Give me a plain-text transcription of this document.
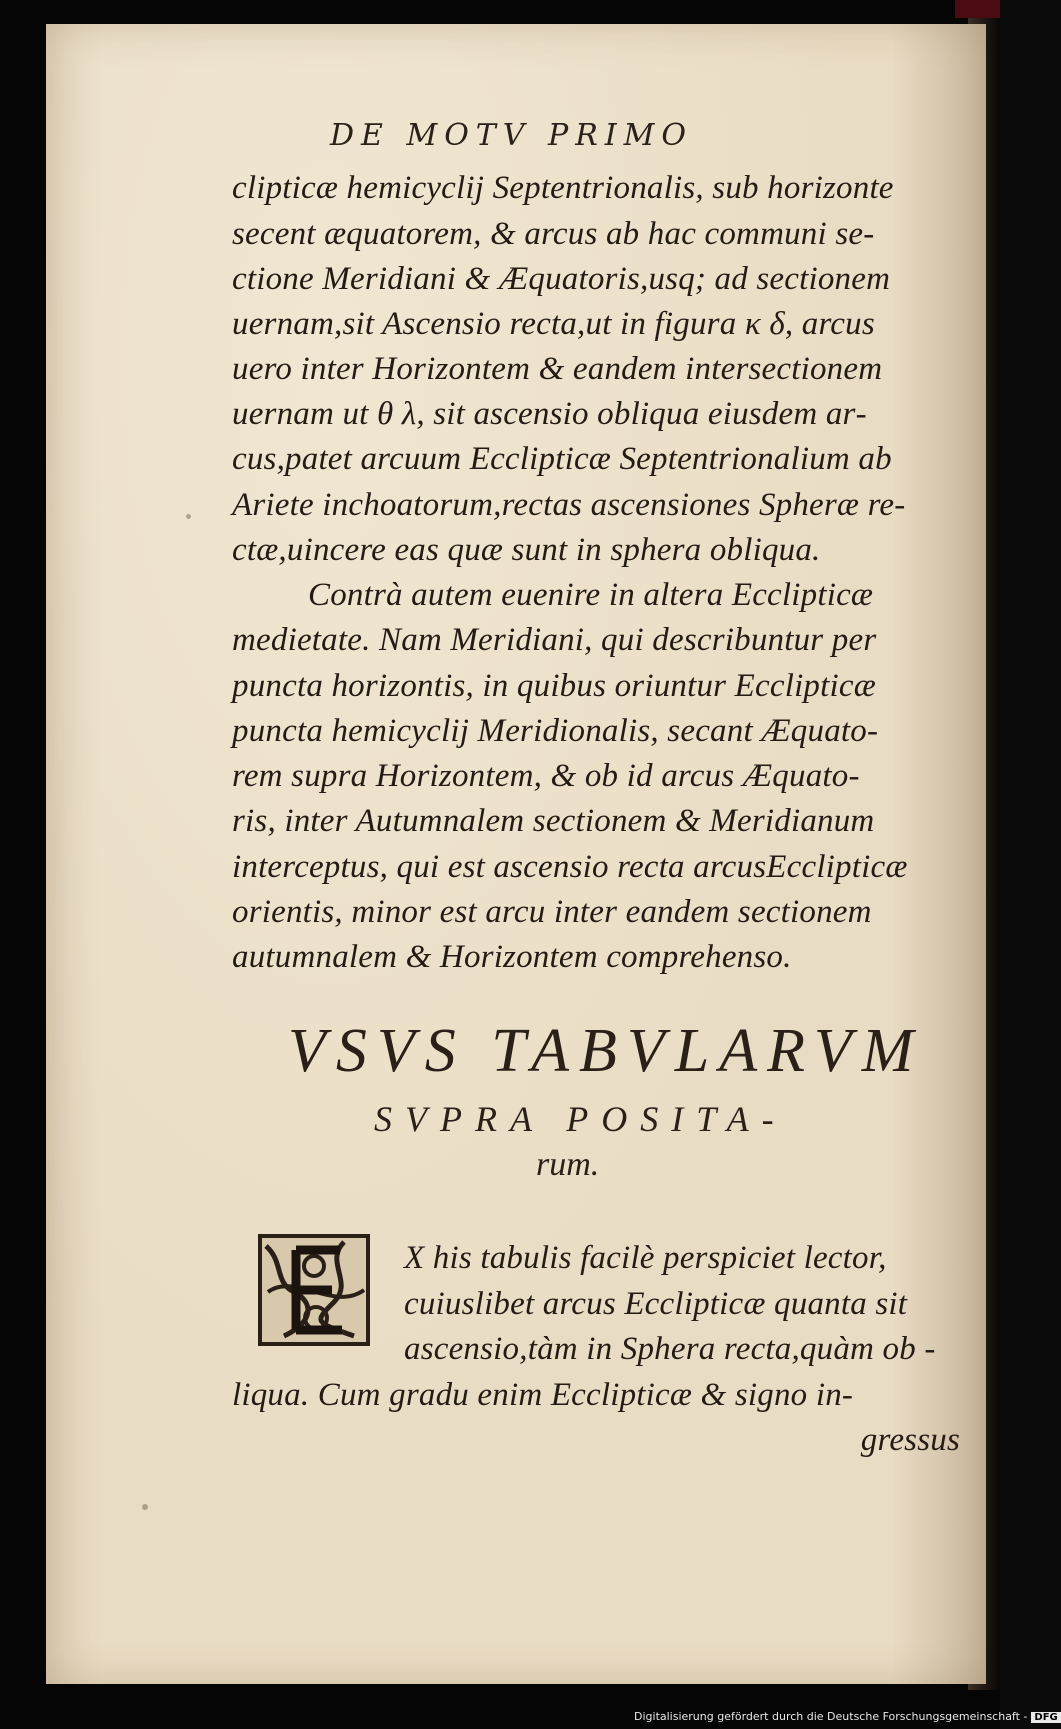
DE MOTV PRIMO
clipticæ hemicyclij Septentrionalis, sub horizonte
secent æquatorem, & arcus ab hac communi se‑
ctione Meridiani & Æquatoris,usq; ad sectionem
uernam,sit Ascensio recta,ut in figura κ δ, arcus
uero inter Horizontem & eandem intersectionem
uernam ut θ λ, sit ascensio obliqua eiusdem ar‑
cus,patet arcuum Ecclipticæ Septentrionalium ab
Ariete inchoatorum,rectas ascensiones Spheræ re‑
ctæ,uincere eas quæ sunt in sphera obliqua.
Contrà autem euenire in altera Ecclipticæ
medietate. Nam Meridiani, qui describuntur per
puncta horizontis, in quibus oriuntur Ecclipticæ
puncta hemicyclij Meridionalis, secant Æquato‑
rem supra Horizontem, & ob id arcus Æquato‑
ris, inter Autumnalem sectionem & Meridianum
interceptus, qui est ascensio recta arcusEcclipticæ
orientis, minor est arcu inter eandem sectionem
autumnalem & Horizontem comprehenso.
VSVS TABVLARVM
SVPRA POSITA‑
rum.
X his tabulis facilè perspiciet lector,
cuiuslibet arcus Ecclipticæ quanta sit
ascensio,tàm in Sphera recta,quàm ob ‑
liqua. Cum gradu enim Ecclipticæ & signo in‑
gressus
Digitalisierung gefördert durch die Deutsche Forschungsgemeinschaft - DFG
